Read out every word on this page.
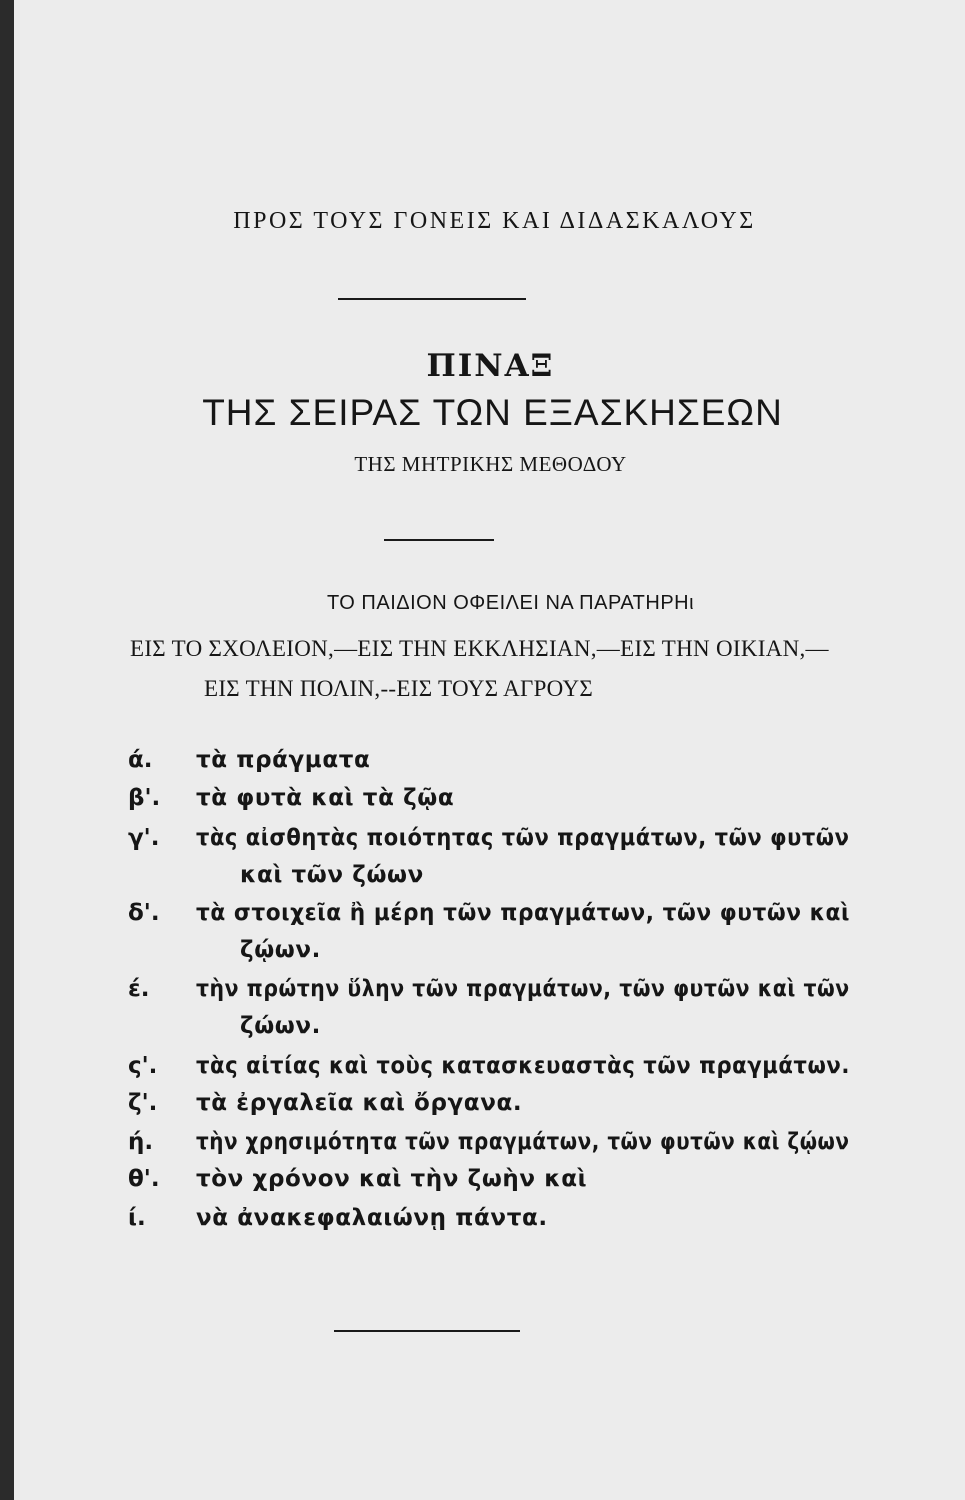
ΠΡΟΣ ΤΟΥΣ ΓΟΝΕΙΣ ΚΑΙ ΔΙΔΑΣΚΑΛΟΥΣ
ΠΙΝΑΞ
ΤΗΣ ΣΕΙΡΑΣ ΤΩΝ ΕΞΑΣΚΗΣΕΩΝ
ΤΗΣ ΜΗΤΡΙΚΗΣ ΜΕΘΟΔΟΥ
ΤΟ ΠΑΙΔΙΟΝ ΟΦΕΙΛΕΙ ΝΑ ΠΑΡΑΤΗΡΗι
ΕΙΣ ΤΟ ΣΧΟΛΕΙΟΝ,—ΕΙΣ ΤΗΝ ΕΚΚΛΗΣΙΑΝ,—ΕΙΣ ΤΗΝ ΟΙΚΙΑΝ,—
ΕΙΣ ΤΗΝ ΠΟΛΙΝ,--ΕΙΣ ΤΟΥΣ ΑΓΡΟΥΣ
ά. τὰ πράγματα
β'. τὰ φυτὰ καὶ τὰ ζῷα
γ'. τὰς αἰσθητὰς ποιότητας τῶν πραγμάτων, τῶν φυτῶν
καὶ τῶν ζώων
δ'. τὰ στοιχεῖα ἢ μέρη τῶν πραγμάτων, τῶν φυτῶν καὶ
ζῴων.
έ. τὴν πρώτην ὕλην τῶν πραγμάτων, τῶν φυτῶν καὶ τῶν
ζώων.
ς'. τὰς αἰτίας καὶ τοὺς κατασκευαστὰς τῶν πραγμάτων.
ζ'. τὰ ἐργαλεῖα καὶ ὄργανα.
ή. τὴν χρησιμότητα τῶν πραγμάτων, τῶν φυτῶν καὶ ζῴων
θ'. τὸν χρόνον καὶ τὴν ζωὴν καὶ
ί. νὰ ἀνακεφαλαιώνῃ πάντα.
